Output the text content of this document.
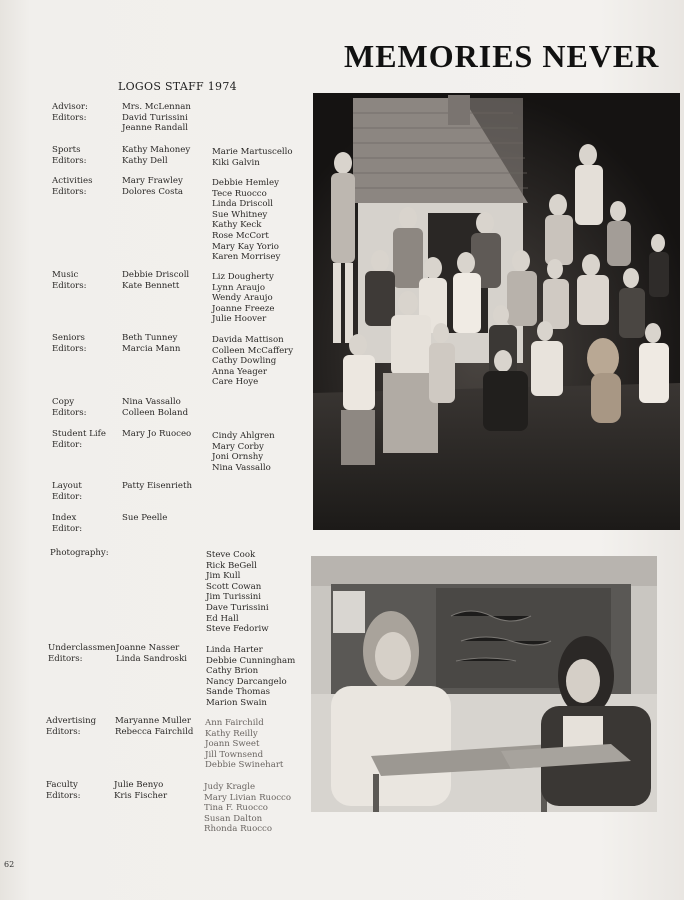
MEMORIES NEVER
LOGOS STAFF 1974
Advisor:
Editors:
Mrs. McLennan
David Turissini
Jeanne Randall
Sports
Editors:
Kathy Mahoney
Kathy Dell
Marie Martuscello
Kiki Galvin
Activities
Editors:
Mary Frawley
Dolores Costa
Debbie Hemley
Tece Ruocco
Linda Driscoll
Sue Whitney
Kathy Keck
Rose McCort
Mary Kay Yorio
Karen Morrisey
Music
Editors:
Debbie Driscoll
Kate Bennett
Liz Dougherty
Lynn Araujo
Wendy Araujo
Joanne Freeze
Julie Hoover
Seniors
Editors:
Beth Tunney
Marcia Mann
Davida Mattison
Colleen McCaffery
Cathy Dowling
Anna Yeager
Care Hoye
Copy
Editors:
Nina Vassallo
Colleen Boland
Student Life
Editor:
Mary Jo Ruoceo	Cindy Ahlgren
Mary Corby
Joni Ornshy
Nina Vassallo
Layout
Editor:
Patty Eisenrieth
Index
Editor:
Sue Peelle
Photography:	Steve Cook
Rick BeGell
Jim Kull
Scott Cowan
Jim Turissini
Dave Turissini
Ed Hall
Steve Fedoriw
Underclassmen
Editors:
Joanne Nasser
Linda Sandroski
Linda Harter
Debbie Cunningham
Cathy Brion
Nancy Darcangelo
Sande Thomas
Marion Swain
Advertising
Editors:
Maryanne Muller
Rebecca Fairchild
Ann Fairchild
Kathy Reilly
Joann Sweet
Jill Townsend
Debbie Swinehart
Faculty
Editors:
Julie Benyo
Kris Fischer
Judy Kragle
Mary Livian Ruocco
Tina F. Ruocco
Susan Dalton
Rhonda Ruocco
62
